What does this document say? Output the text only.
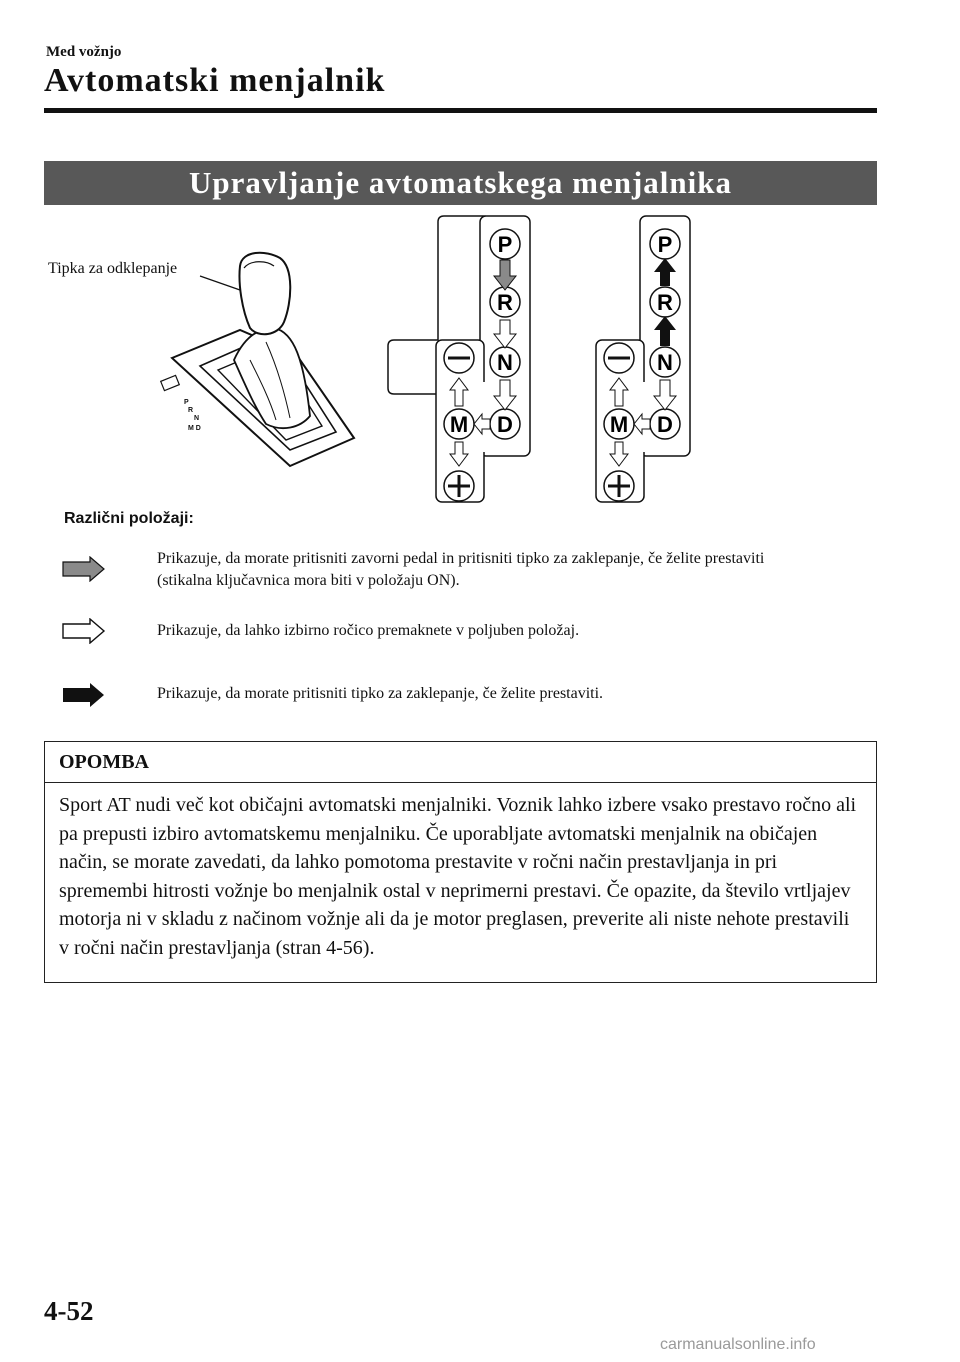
Med vožnjo
Avtomatski menjalnik
Upravljanje avtomatskega menjalnika
Tipka za odklepanje
P
R
N
M D
P
R
N
D
M
P
R
N
D
M
Različni položaji:
Prikazuje, da morate pritisniti zavorni pedal in pritisniti tipko za zaklepanje, če želite prestaviti (stikalna ključavnica mora biti v položaju ON).
Prikazuje, da lahko izbirno ročico premaknete v poljuben položaj.
Prikazuje, da morate pritisniti tipko za zaklepanje, če želite prestaviti.
OPOMBA
Sport AT nudi več kot običajni avtomatski menjalniki. Voznik lahko izbere vsako prestavo ročno ali pa prepusti izbiro avtomatskemu menjalniku. Če uporabljate avtomatski menjalnik na običajen način, se morate zavedati, da lahko pomotoma prestavite v ročni način prestavljanja in pri spremembi hitrosti vožnje bo menjalnik ostal v neprimerni prestavi. Če opazite, da število vrtljajev motorja ni v skladu z načinom vožnje ali da je motor preglasen, preverite ali niste nehote prestavili v ročni način prestavljanja (stran 4-56).
4-52
carmanualsonline.info
